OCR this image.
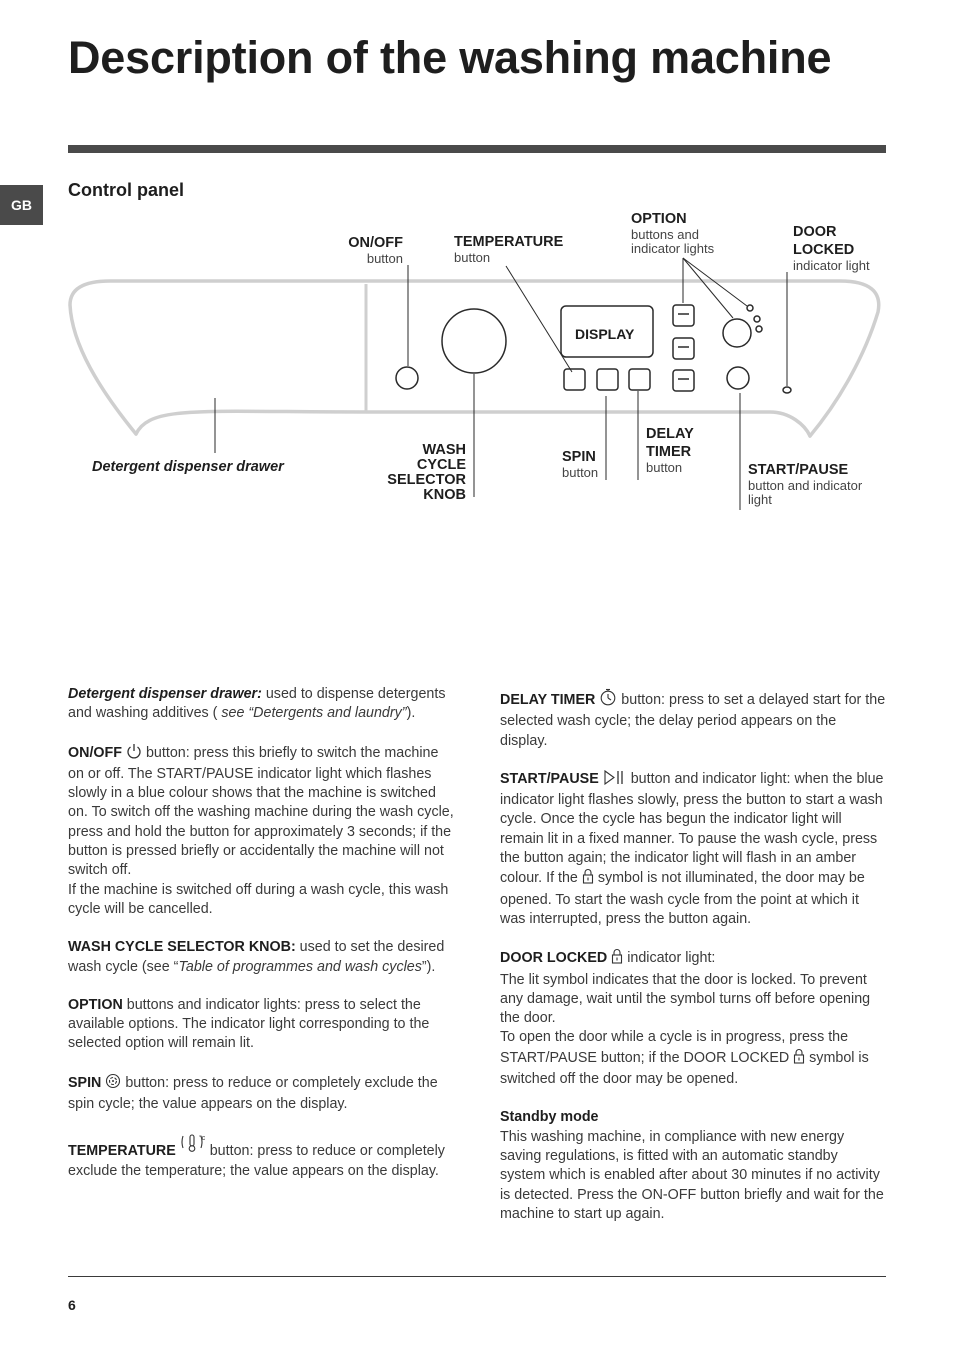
Description of the washing machine
GB
Control panel
DISPLAY
ON/OFF
button
TEMPERATURE
button
OPTION
buttons and
indicator lights
DOOR
LOCKED
indicator light
Detergent dispenser drawer
WASH
CYCLE
SELECTOR
KNOB
SPIN
button
DELAY
TIMER
button	START/PAUSE
button and indicator
light

Detergent dispenser drawer: used to dispense detergents and washing additives ( see “Detergents and laundry”).

ON/OFF  button: press this briefly to switch the machine on or off. The START/PAUSE indicator light which flashes slowly in a blue colour shows that the machine is switched on. To switch off the washing machine during the wash cycle, press and hold the button for approximately 3 seconds; if the button is pressed briefly or accidentally the machine will not switch off.
If the machine is switched off during a wash cycle, this wash cycle will be cancelled.

WASH CYCLE SELECTOR KNOB: used to set the desired wash cycle (see “Table of programmes and wash cycles”).

OPTION buttons and indicator lights: press to select the available options. The indicator light corresponding to the selected option will remain lit.

SPIN  button: press to reduce or completely exclude the spin cycle; the value appears on the display.

TEMPERATURE
°c
button: press to reduce or completely exclude the temperature; the value appears on the display.

DELAY TIMER  button: press to set a delayed start for the selected wash cycle; the delay period appears on the display.

START/PAUSE  button and indicator light: when the blue indicator light flashes slowly, press the button to start a wash cycle. Once the cycle has begun the indicator light will remain lit in a fixed manner. To pause the wash cycle, press the button again; the indicator light will flash in an amber colour. If the  symbol is not illuminated, the door may be opened. To start the wash cycle from the point at which it was interrupted, press the button again.

DOOR LOCKED  indicator light:
The lit symbol indicates that the door is locked. To prevent any damage, wait until the symbol turns off before opening the door.
To open the door while a cycle is in progress, press the START/PAUSE button; if the DOOR LOCKED  symbol is switched off the door may be opened.

Standby mode
This washing machine, in compliance with new energy saving regulations, is fitted with an automatic standby system which is enabled after about 30 minutes if no activity is detected. Press the ON-OFF button briefly and wait for the machine to start up again.

6
